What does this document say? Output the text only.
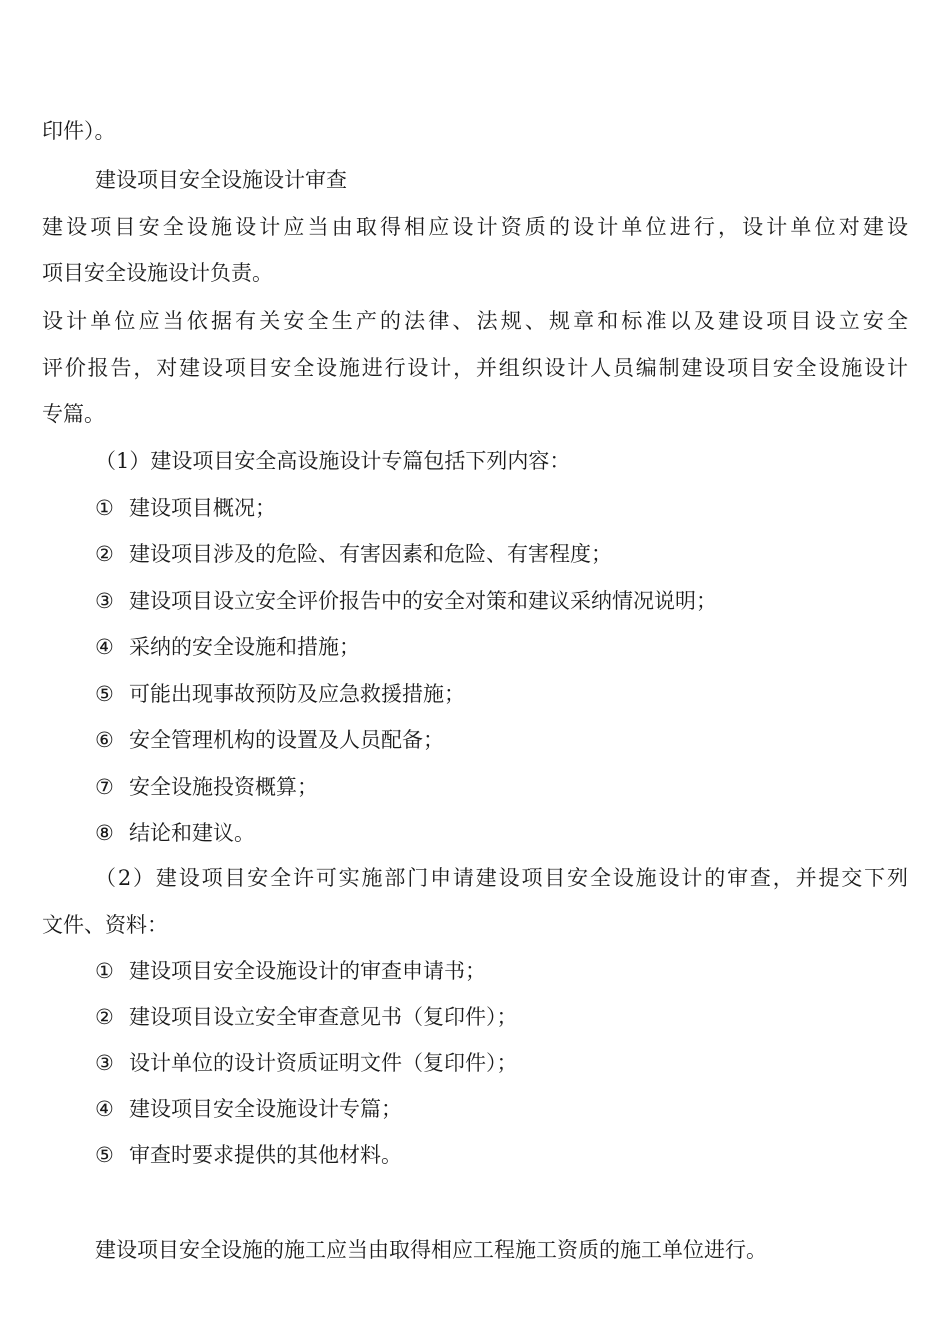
印件）。
建设项目安全设施设计审查
建设项目安全设施设计应当由取得相应设计资质的设计单位进行，设计单位对建设
项目安全设施设计负责。
设计单位应当依据有关安全生产的法律、法规、规章和标准以及建设项目设立安全
评价报告，对建设项目安全设施进行设计，并组织设计人员编制建设项目安全设施设计
专篇。
（1）建设项目安全高设施设计专篇包括下列内容：
① 建设项目概况；
② 建设项目涉及的危险、有害因素和危险、有害程度；
③ 建设项目设立安全评价报告中的安全对策和建议采纳情况说明；
④ 采纳的安全设施和措施；
⑤ 可能出现事故预防及应急救援措施；
⑥ 安全管理机构的设置及人员配备；
⑦ 安全设施投资概算；
⑧ 结论和建议。
（2）建设项目安全许可实施部门申请建设项目安全设施设计的审查，并提交下列
文件、资料：
① 建设项目安全设施设计的审查申请书；
② 建设项目设立安全审查意见书（复印件）；
③ 设计单位的设计资质证明文件（复印件）；
④ 建设项目安全设施设计专篇；
⑤ 审查时要求提供的其他材料。
建设项目安全设施的施工应当由取得相应工程施工资质的施工单位进行。
